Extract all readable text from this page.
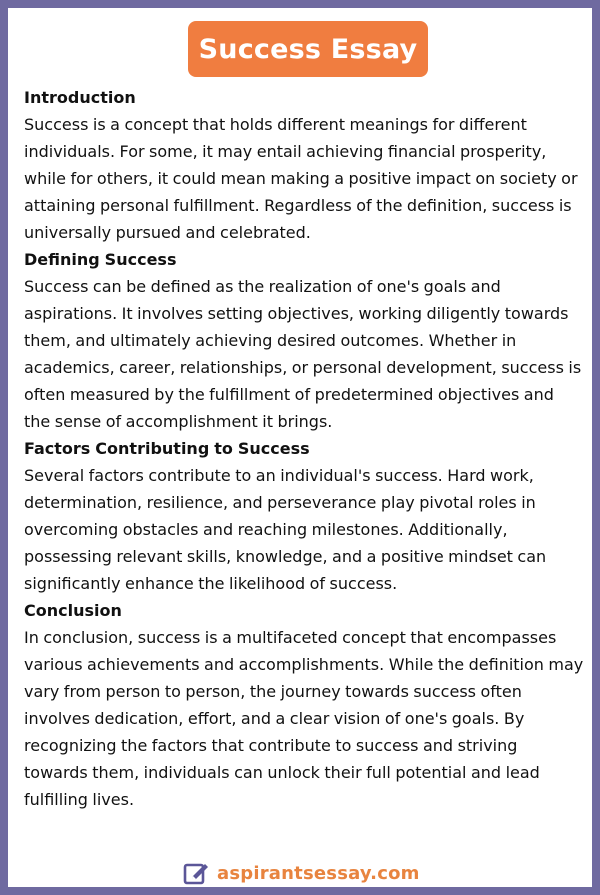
Success Essay

Introduction

Success is a concept that holds different meanings for different individuals. For some, it may entail achieving financial prosperity, while for others, it could mean making a positive impact on society or attaining personal fulfillment. Regardless of the definition, success is universally pursued and celebrated.

Defining Success

Success can be defined as the realization of one's goals and aspirations. It involves setting objectives, working diligently towards them, and ultimately achieving desired outcomes. Whether in academics, career, relationships, or personal development, success is often measured by the fulfillment of predetermined objectives and the sense of accomplishment it brings.

Factors Contributing to Success

Several factors contribute to an individual's success. Hard work, determination, resilience, and perseverance play pivotal roles in overcoming obstacles and reaching milestones. Additionally, possessing relevant skills, knowledge, and a positive mindset can significantly enhance the likelihood of success.

Conclusion

In conclusion, success is a multifaceted concept that encompasses various achievements and accomplishments. While the definition may vary from person to person, the journey towards success often involves dedication, effort, and a clear vision of one's goals. By recognizing the factors that contribute to success and striving towards them, individuals can unlock their full potential and lead fulfilling lives.

aspirantsessay.com
